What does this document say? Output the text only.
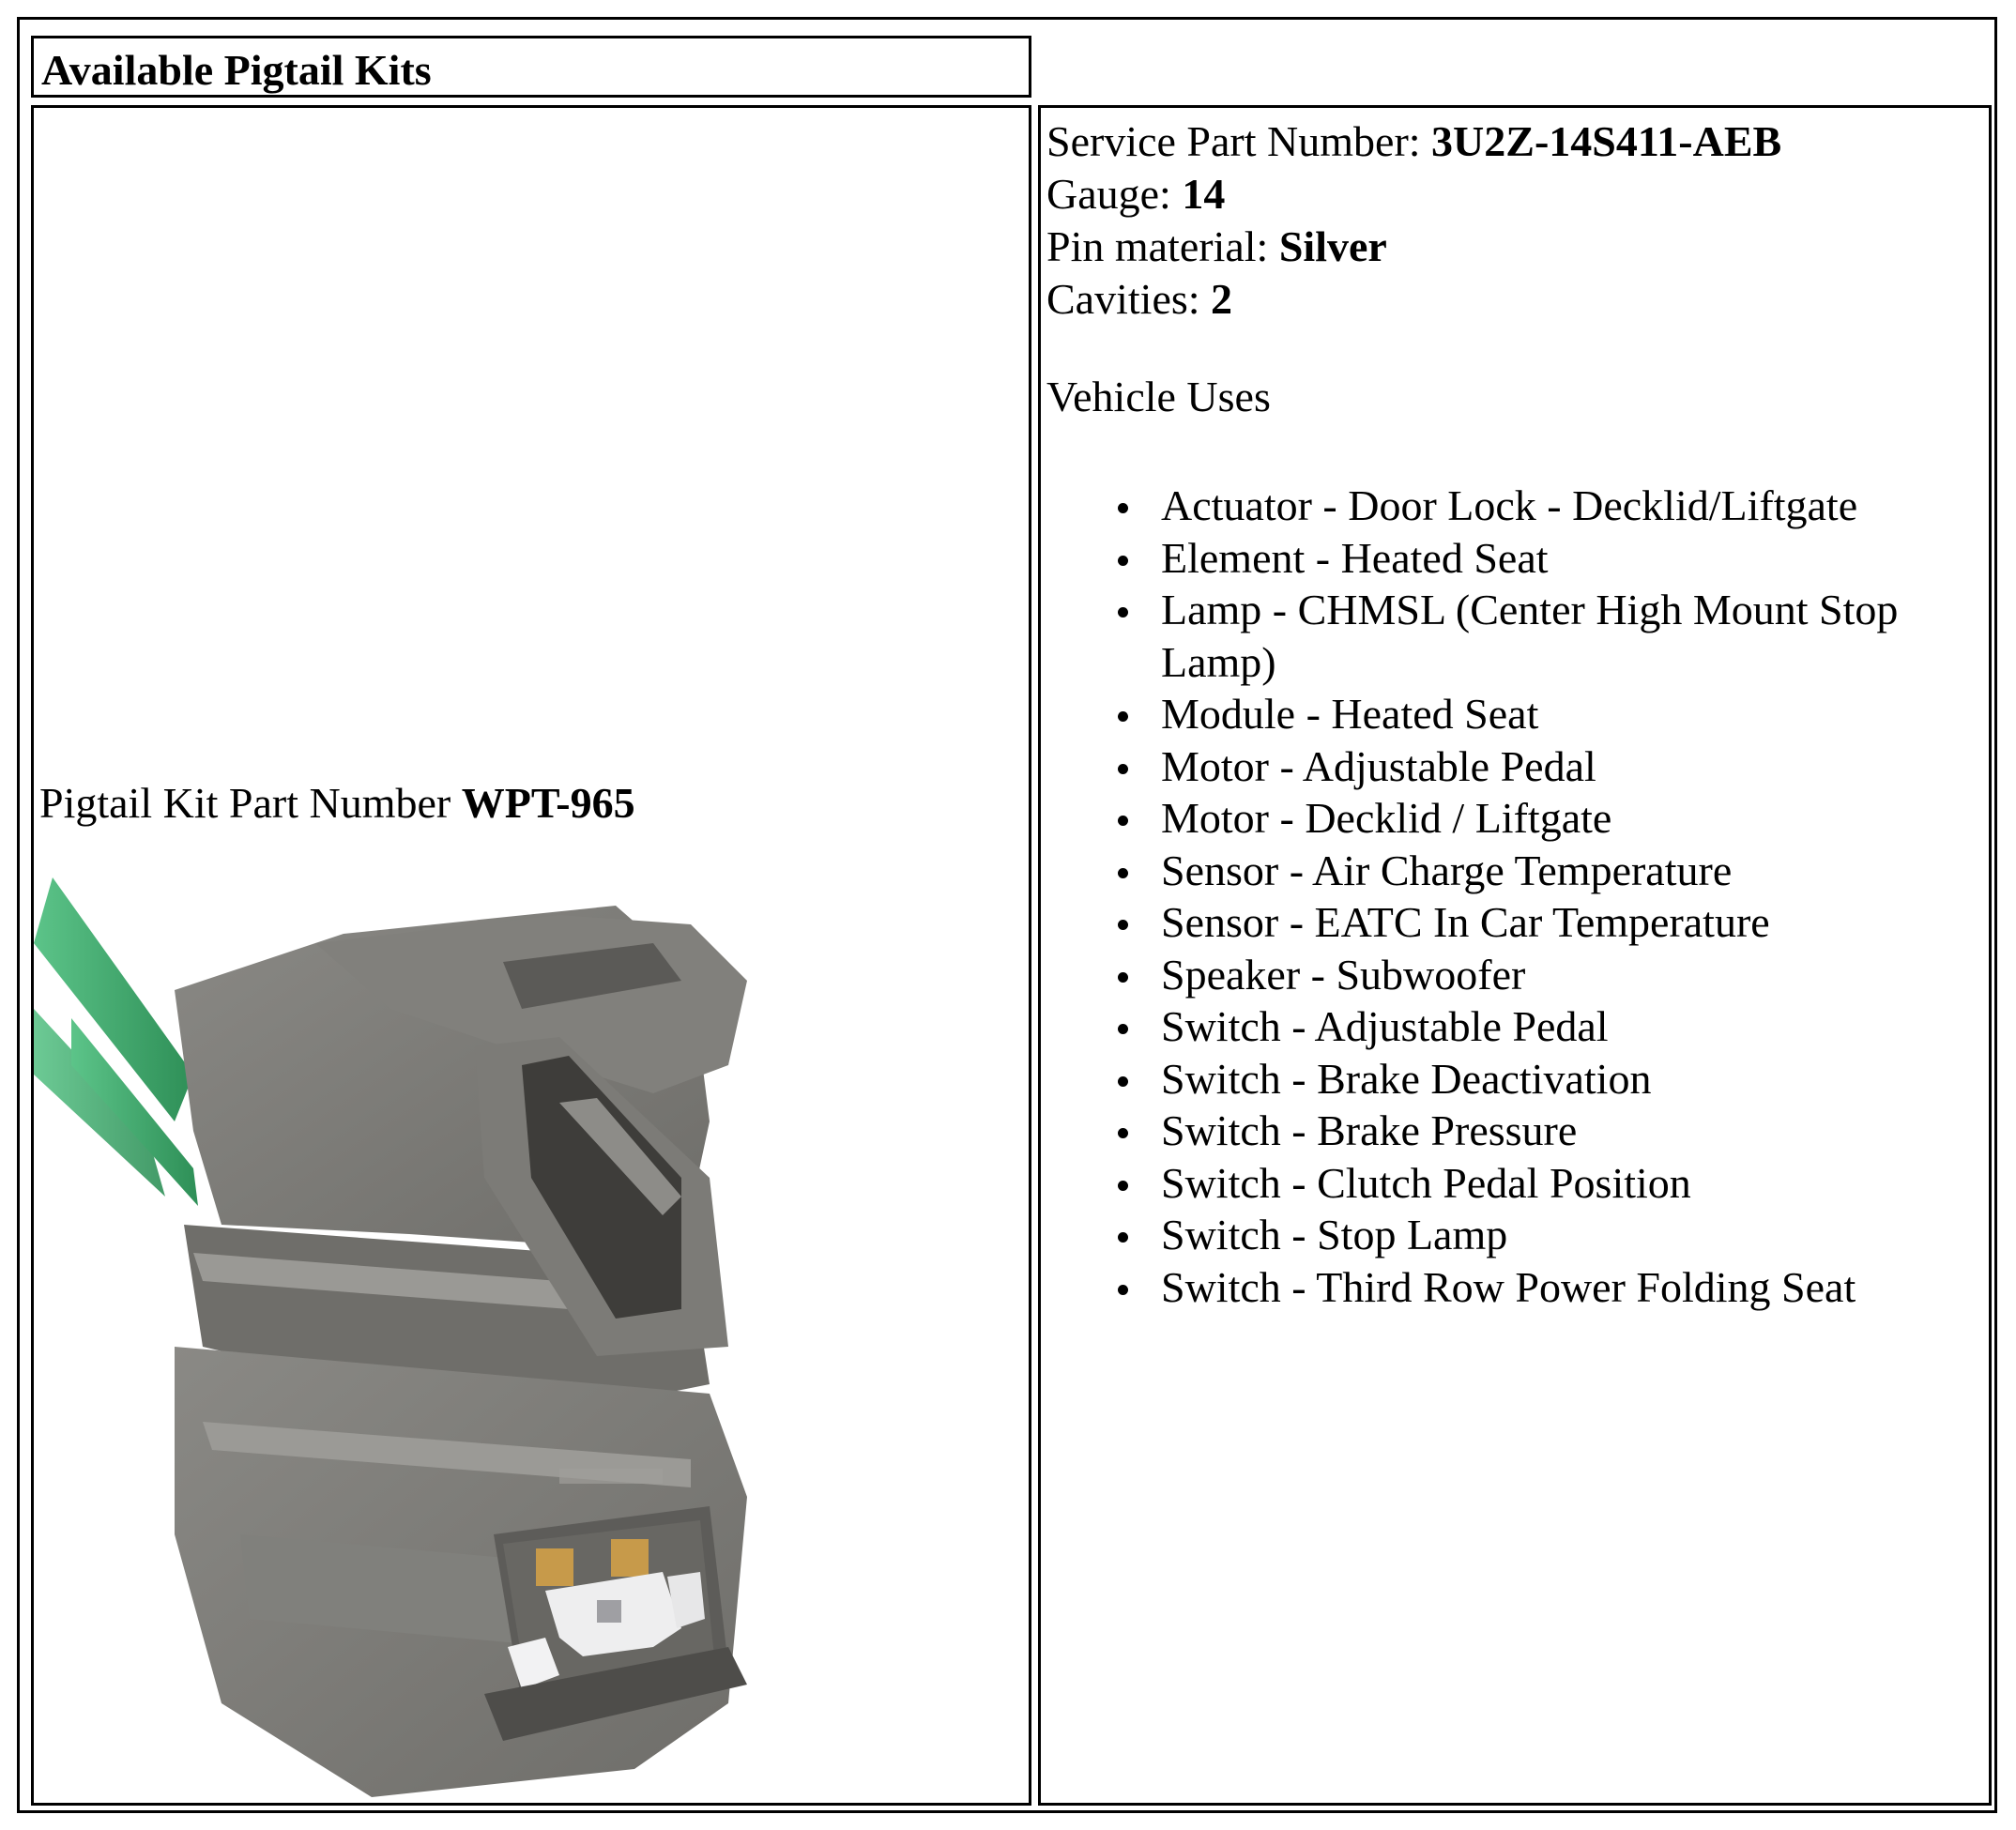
Available Pigtail Kits
Pigtail Kit Part Number WPT-965
Service Part Number: 3U2Z-14S411-AEB
Gauge: 14
Pin material: Silver
Cavities: 2
Vehicle Uses
Actuator - Door Lock - Decklid/Liftgate
Element - Heated Seat
Lamp - CHMSL (Center High Mount Stop Lamp)
Module - Heated Seat
Motor - Adjustable Pedal
Motor - Decklid / Liftgate
Sensor - Air Charge Temperature
Sensor - EATC In Car Temperature
Speaker - Subwoofer
Switch - Adjustable Pedal
Switch - Brake Deactivation
Switch - Brake Pressure
Switch - Clutch Pedal Position
Switch - Stop Lamp
Switch - Third Row Power Folding Seat
